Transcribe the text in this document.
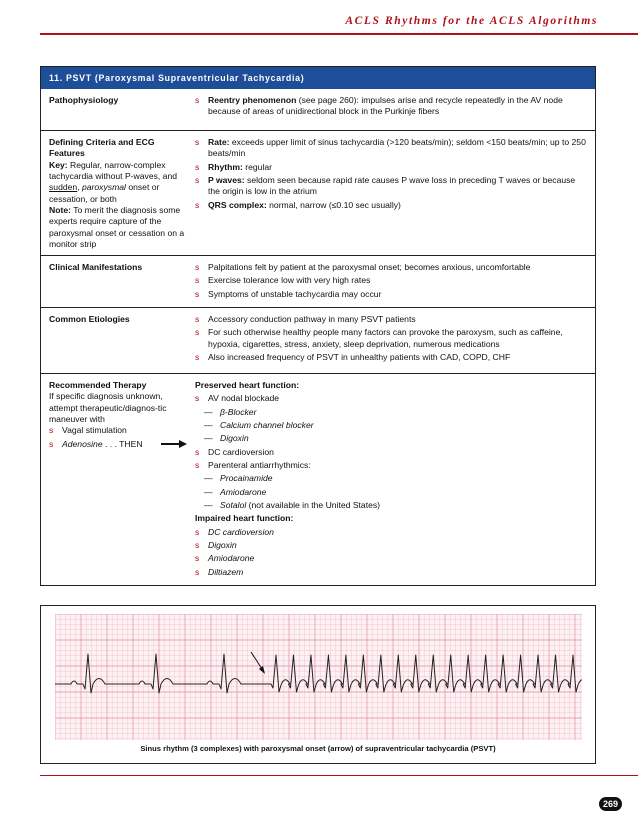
ACLS Rhythms for the ACLS Algorithms
11. PSVT (Paroxysmal Supraventricular Tachycardia)
Pathophysiology	s	Reentry phenomenon (see page 260): impulses arise and recycle repeatedly in the AV node because of areas of unidirectional block in the Purkinje fibers
Defining Criteria and ECG Features
Key: Regular, narrow-complex tachycardia without P-waves, and sudden, paroxysmal onset or cessation, or both
Note: To merit the diagnosis some experts require capture of the paroxysmal onset or cessation on a monitor strip
s	Rate: exceeds upper limit of sinus tachycardia (>120 beats/min); seldom <150 beats/min; up to 250 beats/min
s	Rhythm: regular
s	P waves: seldom seen because rapid rate causes P wave loss in preceding T waves or because the origin is low in the atrium
s	QRS complex: normal, narrow (≤0.10 sec usually)
Clinical Manifestations	s	Palpitations felt by patient at the paroxysmal onset; becomes anxious, uncomfortable
s	Exercise tolerance low with very high rates
s	Symptoms of unstable tachycardia may occur
Common Etiologies	s	Accessory conduction pathway in many PSVT patients
s	For such otherwise healthy people many factors can provoke the paroxysm, such as caffeine, hypoxia, cigarettes, stress, anxiety, sleep deprivation, numerous medications
s	Also increased frequency of PSVT in unhealthy patients with CAD, COPD, CHF
Recommended Therapy
If specific diagnosis unknown, attempt therapeutic/diagnos-tic maneuver with
s	Vagal stimulation
s	Adenosine . . . THEN
Preserved heart function:
s	AV nodal blockade
— β-Blocker
— Calcium channel blocker
— Digoxin
s	DC cardioversion
s	Parenteral antiarrhythmics:
— Procainamide
— Amiodarone
— Sotalol (not available in the United States)
Impaired heart function:
s	DC cardioversion
s	Digoxin
s	Amiodarone
s	Diltiazem
Sinus rhythm (3 complexes) with paroxysmal onset (arrow) of supraventricular tachycardia (PSVT)
269
